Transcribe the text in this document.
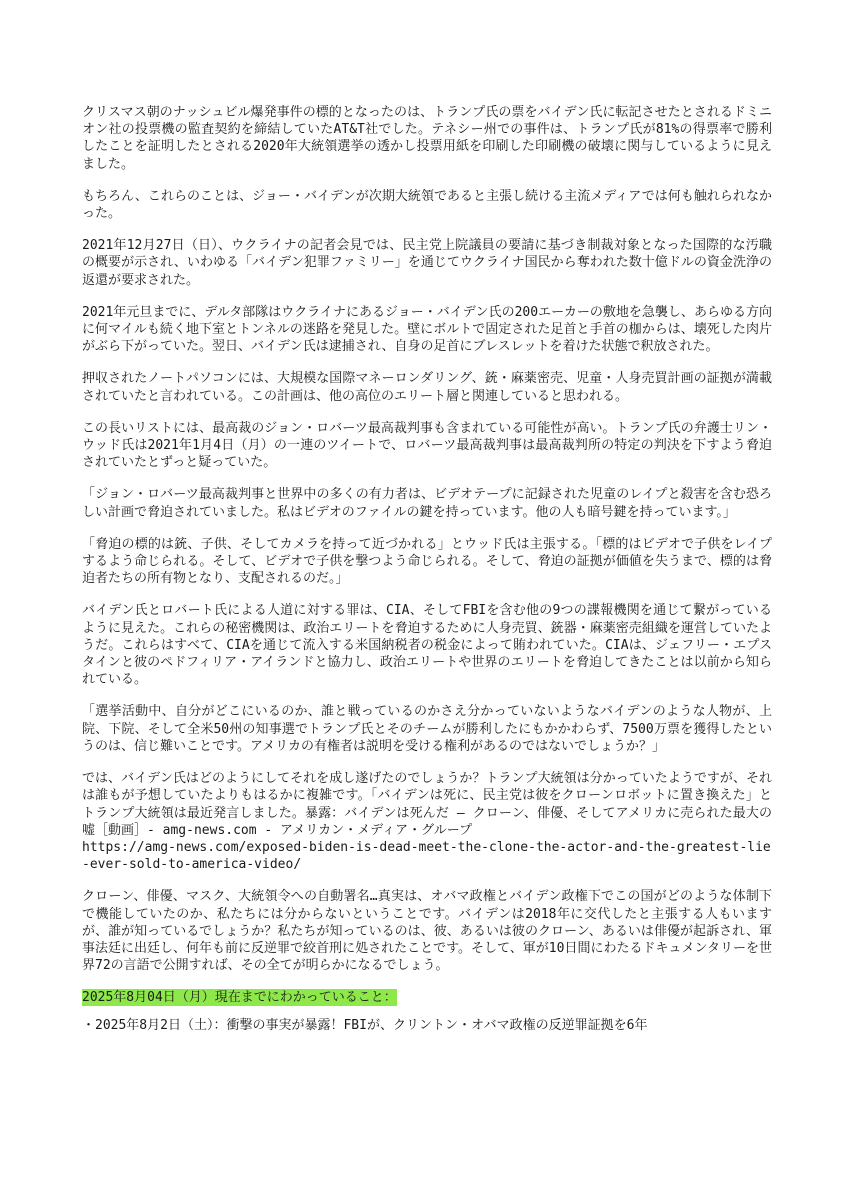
クリスマス朝のナッシュビル爆発事件の標的となったのは、トランプ氏の票をバイデン氏に転記させたとされるドミニオン社の投票機の監査契約を締結していたAT&T社でした。テネシー州での事件は、トランプ氏が81%の得票率で勝利したことを証明したとされる2020年大統領選挙の透かし投票用紙を印刷した印刷機の破壊に関与しているように見えました。

もちろん、これらのことは、ジョー・バイデンが次期大統領であると主張し続ける主流メディアでは何も触れられなかった。

2021年12月27日（日）、ウクライナの記者会見では、民主党上院議員の要請に基づき制裁対象となった国際的な汚職の概要が示され、いわゆる「バイデン犯罪ファミリー」を通じてウクライナ国民から奪われた数十億ドルの資金洗浄の返還が要求された。

2021年元旦までに、デルタ部隊はウクライナにあるジョー・バイデン氏の200エーカーの敷地を急襲し、あらゆる方向に何マイルも続く地下室とトンネルの迷路を発見した。壁にボルトで固定された足首と手首の枷からは、壊死した肉片がぶら下がっていた。翌日、バイデン氏は逮捕され、自身の足首にブレスレットを着けた状態で釈放された。

押収されたノートパソコンには、大規模な国際マネーロンダリング、銃・麻薬密売、児童・人身売買計画の証拠が満載されていたと言われている。この計画は、他の高位のエリート層と関連していると思われる。

この長いリストには、最高裁のジョン・ロバーツ最高裁判事も含まれている可能性が高い。トランプ氏の弁護士リン・ウッド氏は2021年1月4日（月）の一連のツイートで、ロバーツ最高裁判事は最高裁判所の特定の判決を下すよう脅迫されていたとずっと疑っていた。

「ジョン・ロバーツ最高裁判事と世界中の多くの有力者は、ビデオテープに記録された児童のレイプと殺害を含む恐ろしい計画で脅迫されていました。私はビデオのファイルの鍵を持っています。他の人も暗号鍵を持っています。」

「脅迫の標的は銃、子供、そしてカメラを持って近づかれる」とウッド氏は主張する。「標的はビデオで子供をレイプするよう命じられる。そして、ビデオで子供を撃つよう命じられる。そして、脅迫の証拠が価値を失うまで、標的は脅迫者たちの所有物となり、支配されるのだ。」

バイデン氏とロバート氏による人道に対する罪は、CIA、そしてFBIを含む他の9つの諜報機関を通じて繋がっているように見えた。これらの秘密機関は、政治エリートを脅迫するために人身売買、銃器・麻薬密売組織を運営していたようだ。これらはすべて、CIAを通じて流入する米国納税者の税金によって賄われていた。CIAは、ジェフリー・エプスタインと彼のペドフィリア・アイランドと協力し、政治エリートや世界のエリートを脅迫してきたことは以前から知られている。

「選挙活動中、自分がどこにいるのか、誰と戦っているのかさえ分かっていないようなバイデンのような人物が、上院、下院、そして全米50州の知事選でトランプ氏とそのチームが勝利したにもかかわらず、7500万票を獲得したというのは、信じ難いことです。アメリカの有権者は説明を受ける権利があるのではないでしょうか？」

では、バイデン氏はどのようにしてそれを成し遂げたのでしょうか？トランプ大統領は分かっていたようですが、それは誰もが予想していたよりもはるかに複雑です。「バイデンは死に、民主党は彼をクローンロボットに置き換えた」とトランプ大統領は最近発言しました。暴露：バイデンは死んだ — クローン、俳優、そしてアメリカに売られた最大の嘘［動画］- amg-news.com - アメリカン・メディア・グループ
https://amg-news.com/exposed-biden-is-dead-meet-the-clone-the-actor-and-the-greatest-lie-ever-sold-to-america-video/

クローン、俳優、マスク、大統領令への自動署名…真実は、オバマ政権とバイデン政権下でこの国がどのような体制下で機能していたのか、私たちには分からないということです。バイデンは2018年に交代したと主張する人もいますが、誰が知っているでしょうか？私たちが知っているのは、彼、あるいは彼のクローン、あるいは俳優が起訴され、軍事法廷に出廷し、何年も前に反逆罪で絞首刑に処されたことです。そして、軍が10日間にわたるドキュメンタリーを世界72の言語で公開すれば、その全てが明らかになるでしょう。

2025年8月04日（月）現在までにわかっていること：

・2025年8月2日（土）：衝撃の事実が暴露！FBIが、クリントン・オバマ政権の反逆罪証拠を6年
